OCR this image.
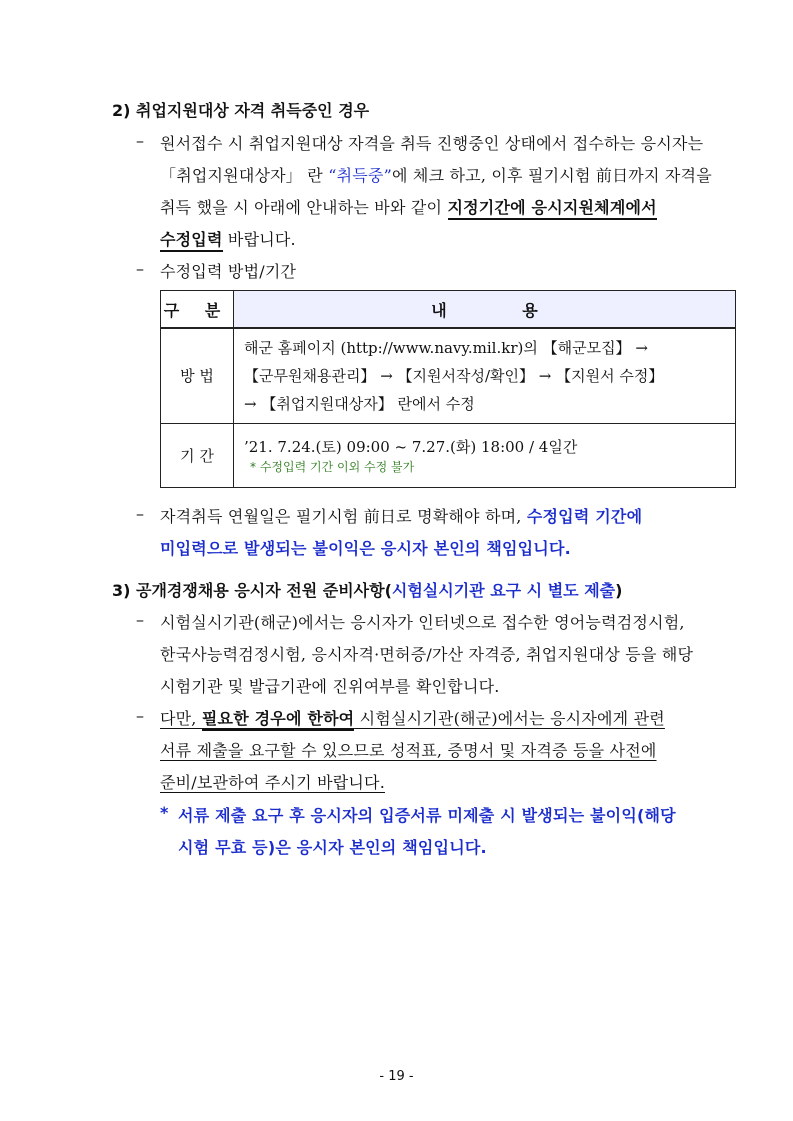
2) 취업지원대상 자격 취득중인 경우
– 원서접수 시 취업지원대상 자격을 취득 진행중인 상태에서 접수하는 응시자는
「취업지원대상자」 란 “취득중”에 체크 하고, 이후 필기시험 前日까지 자격을
취득 했을 시 아래에 안내하는 바와 같이 지정기간에 응시지원체계에서
수정입력 바랍니다.
– 수정입력 방법/기간
구 분	내 용
방 법	해군 홈페이지 (http://www.navy.mil.kr)의 【해군모집】 →
【군무원채용관리】 → 【지원서작성/확인】 → 【지원서 수정】
→ 【취업지원대상자】 란에서 수정

기 간	’21. 7.24.(토) 09:00 ~ 7.27.(화) 18:00 / 4일간
* 수정입력 기간 이외 수정 불가
– 자격취득 연월일은 필기시험 前日로 명확해야 하며, 수정입력 기간에
미입력으로 발생되는 불이익은 응시자 본인의 책임입니다.
3) 공개경쟁채용 응시자 전원 준비사항(시험실시기관 요구 시 별도 제출)
– 시험실시기관(해군)에서는 응시자가 인터넷으로 접수한 영어능력검정시험,
한국사능력검정시험, 응시자격·면허증/가산 자격증, 취업지원대상 등을 해당
시험기관 및 발급기관에 진위여부를 확인합니다.
– 다만, 필요한 경우에 한하여 시험실시기관(해군)에서는 응시자에게 관련
서류 제출을 요구할 수 있으므로 성적표, 증명서 및 자격증 등을 사전에
준비/보관하여 주시기 바랍니다.
* 서류 제출 요구 후 응시자의 입증서류 미제출 시 발생되는 불이익(해당
시험 무효 등)은 응시자 본인의 책임입니다.
- 19 -
